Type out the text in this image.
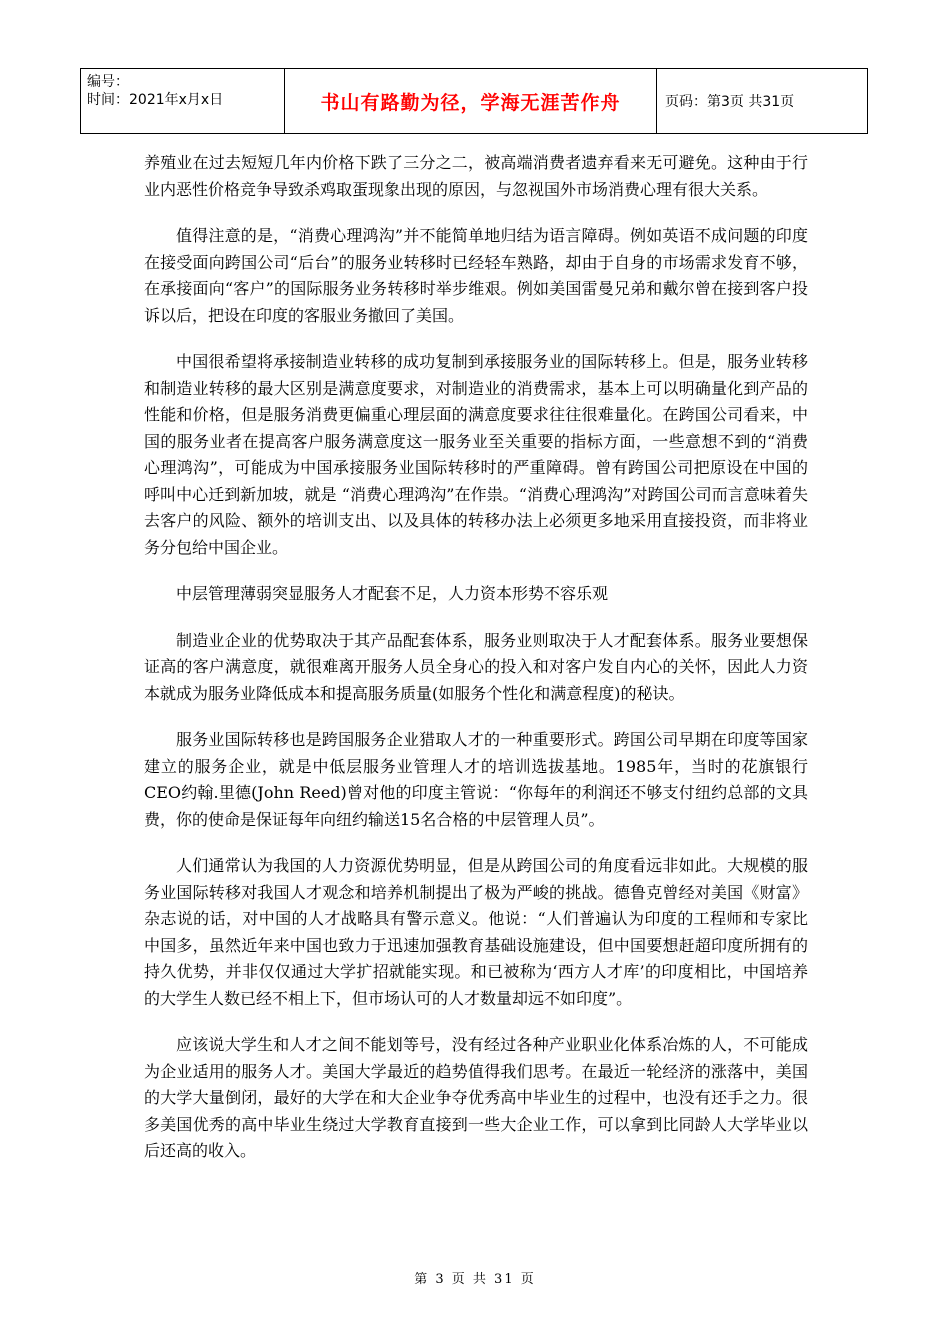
编号：
时间：2021年x月x日	书山有路勤为径，学海无涯苦作舟	页码：第3页 共31页

养殖业在过去短短几年内价格下跌了三分之二，被高端消费者遗弃看来无可避免。这种由于行业内恶性价格竞争导致杀鸡取蛋现象出现的原因，与忽视国外市场消费心理有很大关系。

值得注意的是，“消费心理鸿沟”并不能简单地归结为语言障碍。例如英语不成问题的印度在接受面向跨国公司“后台”的服务业转移时已经轻车熟路，却由于自身的市场需求发育不够，在承接面向“客户”的国际服务业务转移时举步维艰。例如美国雷曼兄弟和戴尔曾在接到客户投诉以后，把设在印度的客服业务撤回了美国。

中国很希望将承接制造业转移的成功复制到承接服务业的国际转移上。但是，服务业转移和制造业转移的最大区别是满意度要求，对制造业的消费需求，基本上可以明确量化到产品的性能和价格，但是服务消费更偏重心理层面的满意度要求往往很难量化。在跨国公司看来，中国的服务业者在提高客户服务满意度这一服务业至关重要的指标方面，一些意想不到的“消费心理鸿沟”，可能成为中国承接服务业国际转移时的严重障碍。曾有跨国公司把原设在中国的呼叫中心迁到新加坡，就是 “消费心理鸿沟”在作祟。“消费心理鸿沟”对跨国公司而言意味着失去客户的风险、额外的培训支出、以及具体的转移办法上必须更多地采用直接投资，而非将业务分包给中国企业。

中层管理薄弱突显服务人才配套不足，人力资本形势不容乐观

制造业企业的优势取决于其产品配套体系，服务业则取决于人才配套体系。服务业要想保证高的客户满意度，就很难离开服务人员全身心的投入和对客户发自内心的关怀，因此人力资本就成为服务业降低成本和提高服务质量(如服务个性化和满意程度)的秘诀。

服务业国际转移也是跨国服务企业猎取人才的一种重要形式。跨国公司早期在印度等国家建立的服务企业，就是中低层服务业管理人才的培训选拔基地。1985年，当时的花旗银行CEO约翰.里德(John Reed)曾对他的印度主管说：“你每年的利润还不够支付纽约总部的文具费，你的使命是保证每年向纽约输送15名合格的中层管理人员”。

人们通常认为我国的人力资源优势明显，但是从跨国公司的角度看远非如此。大规模的服务业国际转移对我国人才观念和培养机制提出了极为严峻的挑战。德鲁克曾经对美国《财富》杂志说的话，对中国的人才战略具有警示意义。他说：“人们普遍认为印度的工程师和专家比中国多，虽然近年来中国也致力于迅速加强教育基础设施建设，但中国要想赶超印度所拥有的持久优势，并非仅仅通过大学扩招就能实现。和已被称为‘西方人才库’的印度相比，中国培养的大学生人数已经不相上下，但市场认可的人才数量却远不如印度”。

应该说大学生和人才之间不能划等号，没有经过各种产业职业化体系冶炼的人，不可能成为企业适用的服务人才。美国大学最近的趋势值得我们思考。在最近一轮经济的涨落中，美国的大学大量倒闭，最好的大学在和大企业争夺优秀高中毕业生的过程中，也没有还手之力。很多美国优秀的高中毕业生绕过大学教育直接到一些大企业工作，可以拿到比同龄人大学毕业以后还高的收入。

第 3 页 共 31 页
